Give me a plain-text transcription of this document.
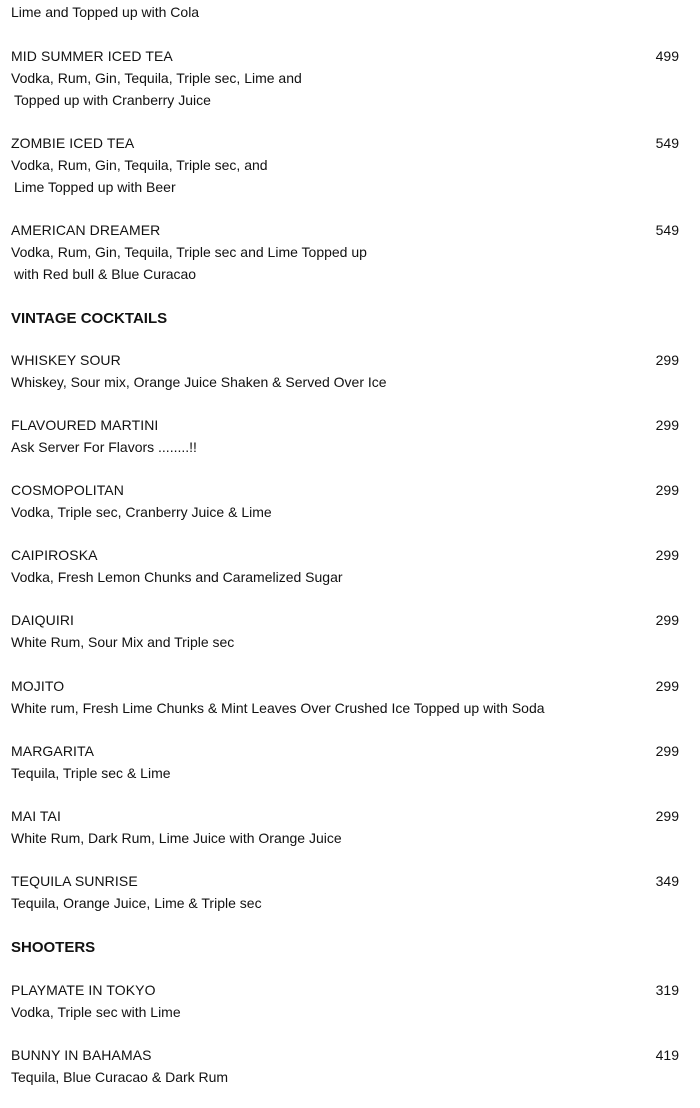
Lime and Topped up with Cola
MID SUMMER ICED TEA	499
Vodka, Rum, Gin, Tequila, Triple sec, Lime and
Topped up with Cranberry Juice
ZOMBIE ICED TEA	549
Vodka, Rum, Gin, Tequila, Triple sec, and
Lime Topped up with Beer
AMERICAN DREAMER	549
Vodka, Rum, Gin, Tequila, Triple sec and Lime Topped up
with Red bull & Blue Curacao
VINTAGE COCKTAILS
WHISKEY SOUR	299
Whiskey, Sour mix, Orange Juice Shaken & Served Over Ice
FLAVOURED MARTINI	299
Ask Server For Flavors ........!!
COSMOPOLITAN	299
Vodka, Triple sec, Cranberry Juice & Lime
CAIPIROSKA	299
Vodka, Fresh Lemon Chunks and Caramelized Sugar
DAIQUIRI	299
White Rum, Sour Mix and Triple sec
MOJITO	299
White rum, Fresh Lime Chunks & Mint Leaves Over Crushed Ice Topped up with Soda
MARGARITA	299
Tequila, Triple sec & Lime
MAI TAI	299
White Rum, Dark Rum, Lime Juice with Orange Juice
TEQUILA SUNRISE	349
Tequila, Orange Juice, Lime & Triple sec
SHOOTERS
PLAYMATE IN TOKYO	319
Vodka, Triple sec with Lime
BUNNY IN BAHAMAS	419
Tequila, Blue Curacao & Dark Rum
